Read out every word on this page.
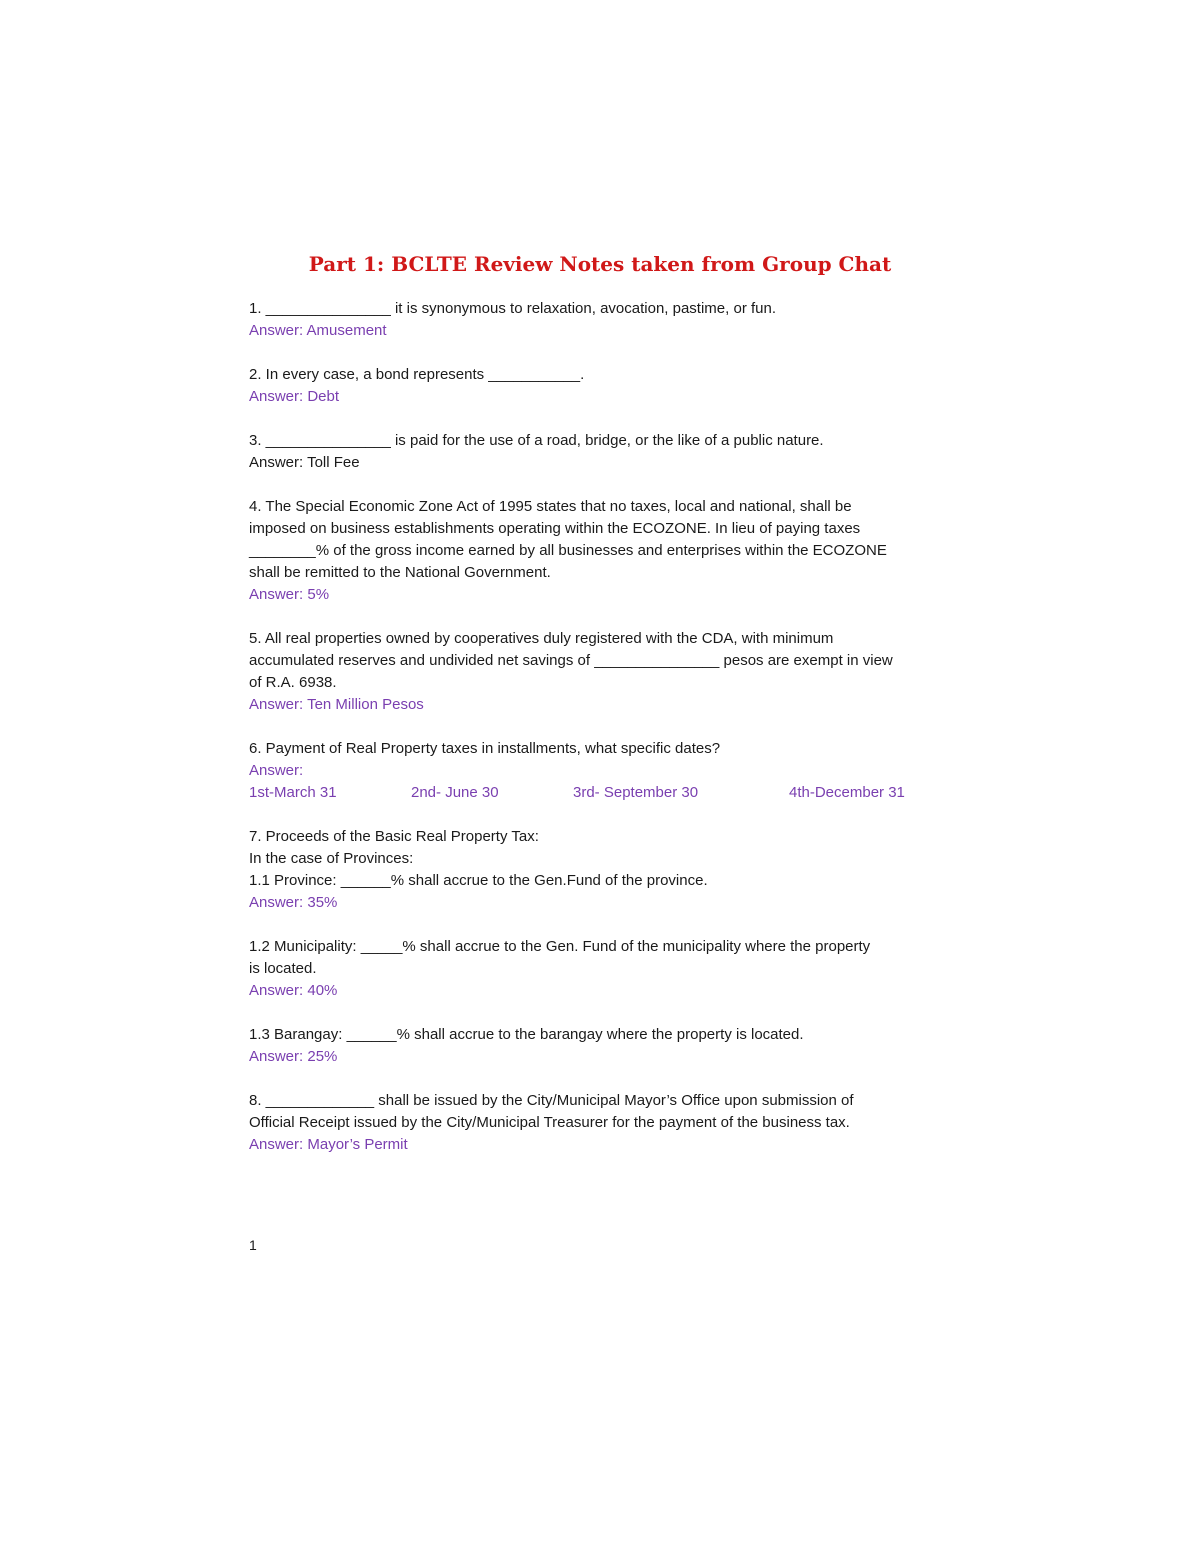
Part 1: BCLTE Review Notes taken from Group Chat
1. _______________ it is synonymous to relaxation, avocation, pastime, or fun.
Answer: Amusement
2. In every case, a bond represents ___________.
Answer: Debt
3. _______________ is paid for the use of a road, bridge, or the like of a public nature.
Answer: Toll Fee
4. The Special Economic Zone Act of 1995 states that no taxes, local and national, shall be
imposed on business establishments operating within the ECOZONE. In lieu of paying taxes
________% of the gross income earned by all businesses and enterprises within the ECOZONE
shall be remitted to the National Government.
Answer: 5%
5. All real properties owned by cooperatives duly registered with the CDA, with minimum
accumulated reserves and undivided net savings of _______________ pesos are exempt in view
of R.A. 6938.
Answer: Ten Million Pesos
6. Payment of Real Property taxes in installments, what specific dates?
Answer:
1st-March 31	2nd- June 30	3rd- September 30	4th-December 31
7. Proceeds of the Basic Real Property Tax:
In the case of Provinces:
1.1 Province: ______% shall accrue to the Gen.Fund of the province.
Answer: 35%
1.2 Municipality: _____% shall accrue to the Gen. Fund of the municipality where the property
is located.
Answer: 40%
1.3 Barangay: ______% shall accrue to the barangay where the property is located.
Answer: 25%
8. _____________ shall be issued by the City/Municipal Mayor’s Office upon submission of
Official Receipt issued by the City/Municipal Treasurer for the payment of the business tax.
Answer: Mayor’s Permit
1
